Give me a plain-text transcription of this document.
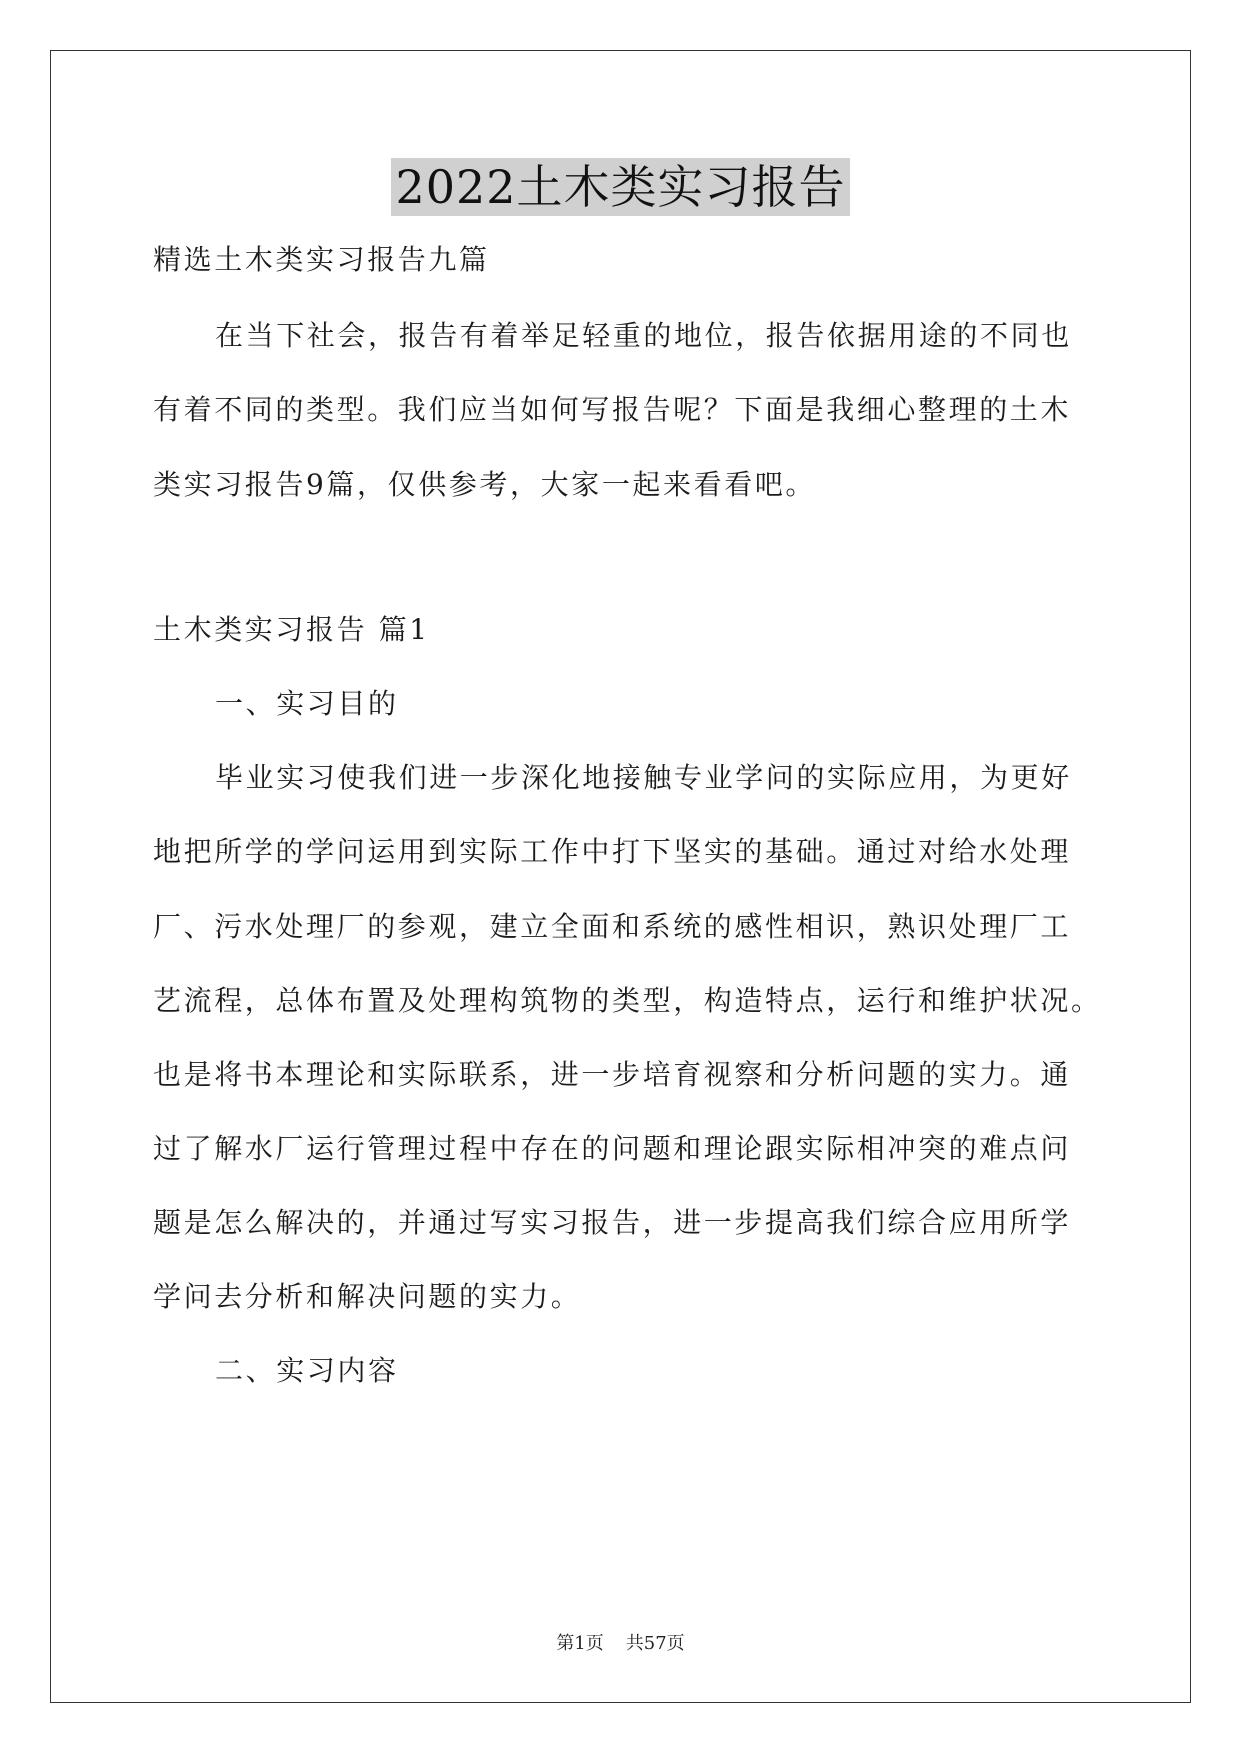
2022土木类实习报告
精选土木类实习报告九篇
在当下社会，报告有着举足轻重的地位，报告依据用途的不同也
有着不同的类型。我们应当如何写报告呢？下面是我细心整理的土木
类实习报告9篇，仅供参考，大家一起来看看吧。
土木类实习报告 篇1
一、实习目的
毕业实习使我们进一步深化地接触专业学问的实际应用，为更好
地把所学的学问运用到实际工作中打下坚实的基础。通过对给水处理
厂、污水处理厂的参观，建立全面和系统的感性相识，熟识处理厂工
艺流程，总体布置及处理构筑物的类型，构造特点，运行和维护状况。
也是将书本理论和实际联系，进一步培育视察和分析问题的实力。通
过了解水厂运行管理过程中存在的问题和理论跟实际相冲突的难点问
题是怎么解决的，并通过写实习报告，进一步提高我们综合应用所学
学问去分析和解决问题的实力。
二、实习内容
第1页 共57页
